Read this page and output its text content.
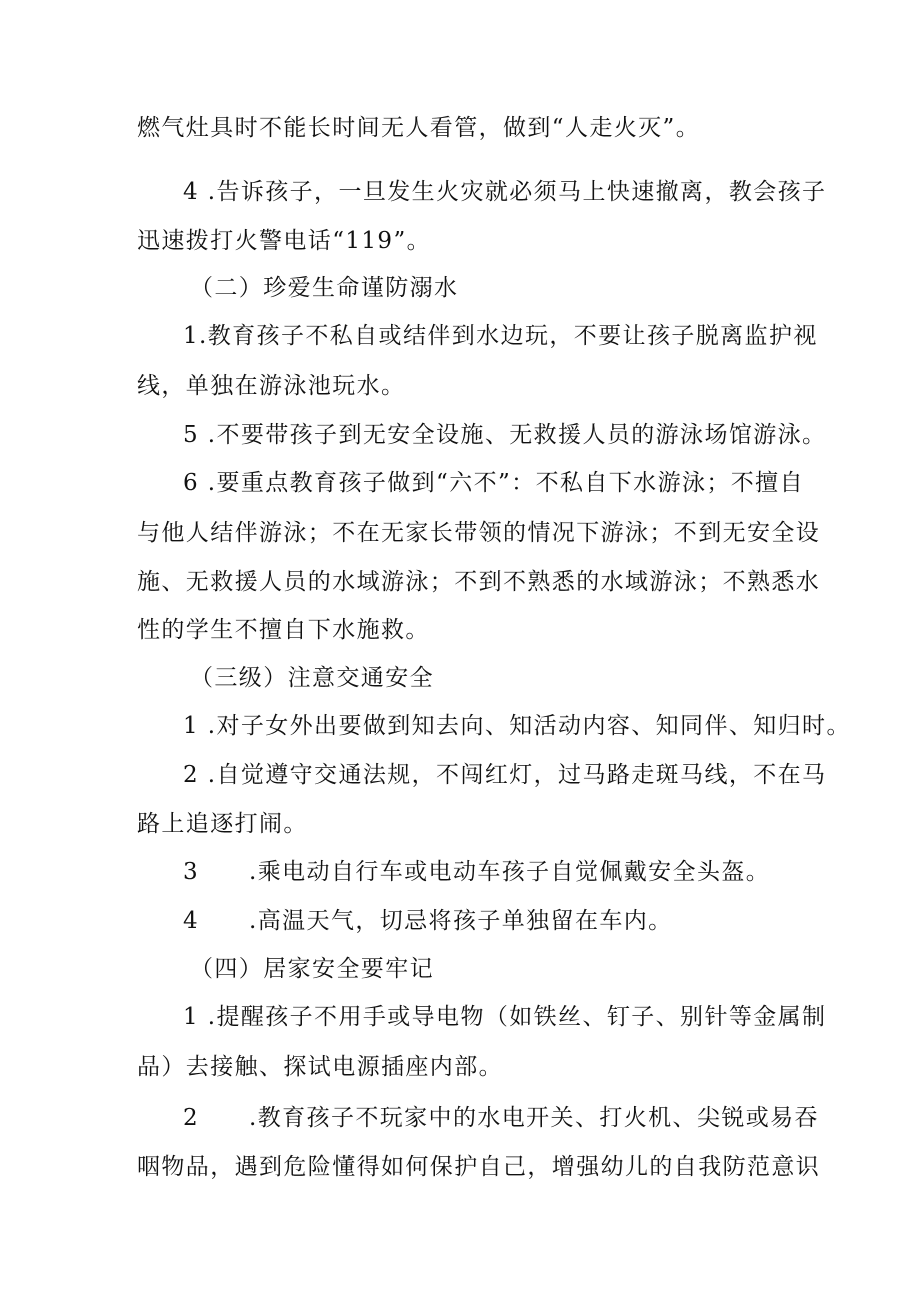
燃气灶具时不能长时间无人看管，做到“人走火灭”。
4 .告诉孩子，一旦发生火灾就必须马上快速撤离，教会孩子
迅速拨打火警电话“119”。
（二）珍爱生命谨防溺水
1.教育孩子不私自或结伴到水边玩，不要让孩子脱离监护视
线，单独在游泳池玩水。
5 .不要带孩子到无安全设施、无救援人员的游泳场馆游泳。
6 .要重点教育孩子做到“六不”：不私自下水游泳；不擅自
与他人结伴游泳；不在无家长带领的情况下游泳；不到无安全设
施、无救援人员的水域游泳；不到不熟悉的水域游泳；不熟悉水
性的学生不擅自下水施救。
（三级）注意交通安全
1 .对子女外出要做到知去向、知活动内容、知同伴、知归时。
2 .自觉遵守交通法规，不闯红灯，过马路走斑马线，不在马
路上追逐打闹。
3 .乘电动自行车或电动车孩子自觉佩戴安全头盔。
4 .高温天气，切忌将孩子单独留在车内。
（四）居家安全要牢记
1 .提醒孩子不用手或导电物（如铁丝、钉子、别针等金属制
品）去接触、探试电源插座内部。
2 .教育孩子不玩家中的水电开关、打火机、尖锐或易吞
咽物品，遇到危险懂得如何保护自己，增强幼儿的自我防范意识
